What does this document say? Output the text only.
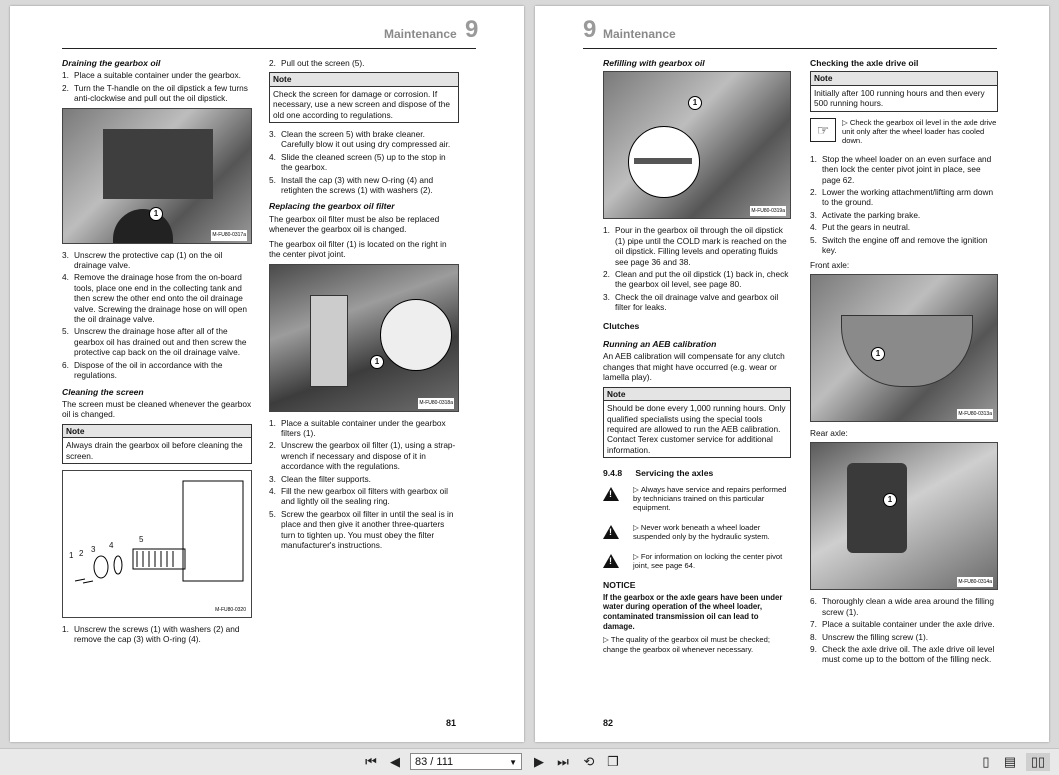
Maintenance 9
Draining the gearbox oil
1. Place a suitable container under the gearbox.
2. Turn the T-handle on the oil dipstick a few turns anti-clockwise and pull out the oil dipstick.
1
M-FU80-0317a
3. Unscrew the protective cap (1) on the oil drainage valve.
4. Remove the drainage hose from the on-board tools, place one end in the collecting tank and then screw the other end onto the oil drainage valve. Screwing the drainage hose on will open the oil drainage valve.
5. Unscrew the drainage hose after all of the gearbox oil has drained out and then screw the protective cap back on the oil drainage valve.
6. Dispose of the oil in accordance with the regulations.
Cleaning the screen

The screen must be cleaned whenever the gearbox oil is changed.

Note
Always drain the gearbox oil before cleaning the screen.
1 2 3 4
5
M-FU80-0320
1. Unscrew the screws (1) with washers (2) and remove the cap (3) with O-ring (4).
2. Pull out the screen (5).
Note
Check the screen for damage or corrosion. If necessary, use a new screen and dispose of the old one according to regulations.
3. Clean the screen 5) with brake cleaner. Carefully blow it out using dry compressed air.
4. Slide the cleaned screen (5) up to the stop in the gearbox.
5. Install the cap (3) with new O-ring (4) and retighten the screws (1) with washers (2).
Replacing the gearbox oil filter

The gearbox oil filter must be also be replaced whenever the gearbox oil is changed.

The gearbox oil filter (1) is located on the right in the center pivot joint.

1
M-FU80-0318a
1. Place a suitable container under the gearbox filters (1).
2. Unscrew the gearbox oil filter (1), using a strap-wrench if necessary and dispose of it in accordance with the regulations.
3. Clean the filter supports.
4. Fill the new gearbox oil filters with gearbox oil and lightly oil the sealing ring.
5. Screw the gearbox oil filter in until the seal is in place and then give it another three-quarters turn to tighten up. You must obey the filter manufacturer's instructions.
81
9 Maintenance
Refilling with gearbox oil
1
M-FU80-0319a
1. Pour in the gearbox oil through the oil dipstick (1) pipe until the COLD mark is reached on the oil dipstick. Filling levels and operating fluids see page 36 and 38.
2. Clean and put the oil dipstick (1) back in, check the gearbox oil level, see page 80.
3. Check the oil drainage valve and gearbox oil filter for leaks.
Clutches
Running an AEB calibration

An AEB calibration will compensate for any clutch changes that might have occurred (e.g. wear or lamella play).

Note
Should be done every 1,000 running hours. Only qualified specialists using the special tools required are allowed to run the AEB calibration. Contact Terex customer service for additional information.
9.4.8 Servicing the axles
!
▷ Always have service and repairs performed by technicians trained on this particular equipment.
!
▷ Never work beneath a wheel loader suspended only by the hydraulic system.
!
▷ For information on locking the center pivot joint, see page 64.
NOTICE

If the gearbox or the axle gears have been under water during operation of the wheel loader, contaminated transmission oil can lead to damage.

▷ The quality of the gearbox oil must be checked; change the gearbox oil whenever necessary.

Checking the axle drive oil
Note
Initially after 100 running hours and then every 500 running hours.
☞	▷ Check the gearbox oil level in the axle drive unit only after the wheel loader has cooled down.
1. Stop the wheel loader on an even surface and then lock the center pivot joint in place, see page 62.
2. Lower the working attachment/lifting arm down to the ground.
3. Activate the parking brake.
4. Put the gears in neutral.
5. Switch the engine off and remove the ignition key.

Front axle:

1
M-FU80-0313a

Rear axle:

1
M-FU80-0314a
6. Thoroughly clean a wide area around the filling screw (1).
7. Place a suitable container under the axle drive.
8. Unscrew the filling screw (1).
9. Check the axle drive oil. The axle drive oil level must come up to the bottom of the filling neck.
82
⏮	◀	83 / 111	▼	▶	⏭ ⟲ ❐	▯	▤	▯▯
